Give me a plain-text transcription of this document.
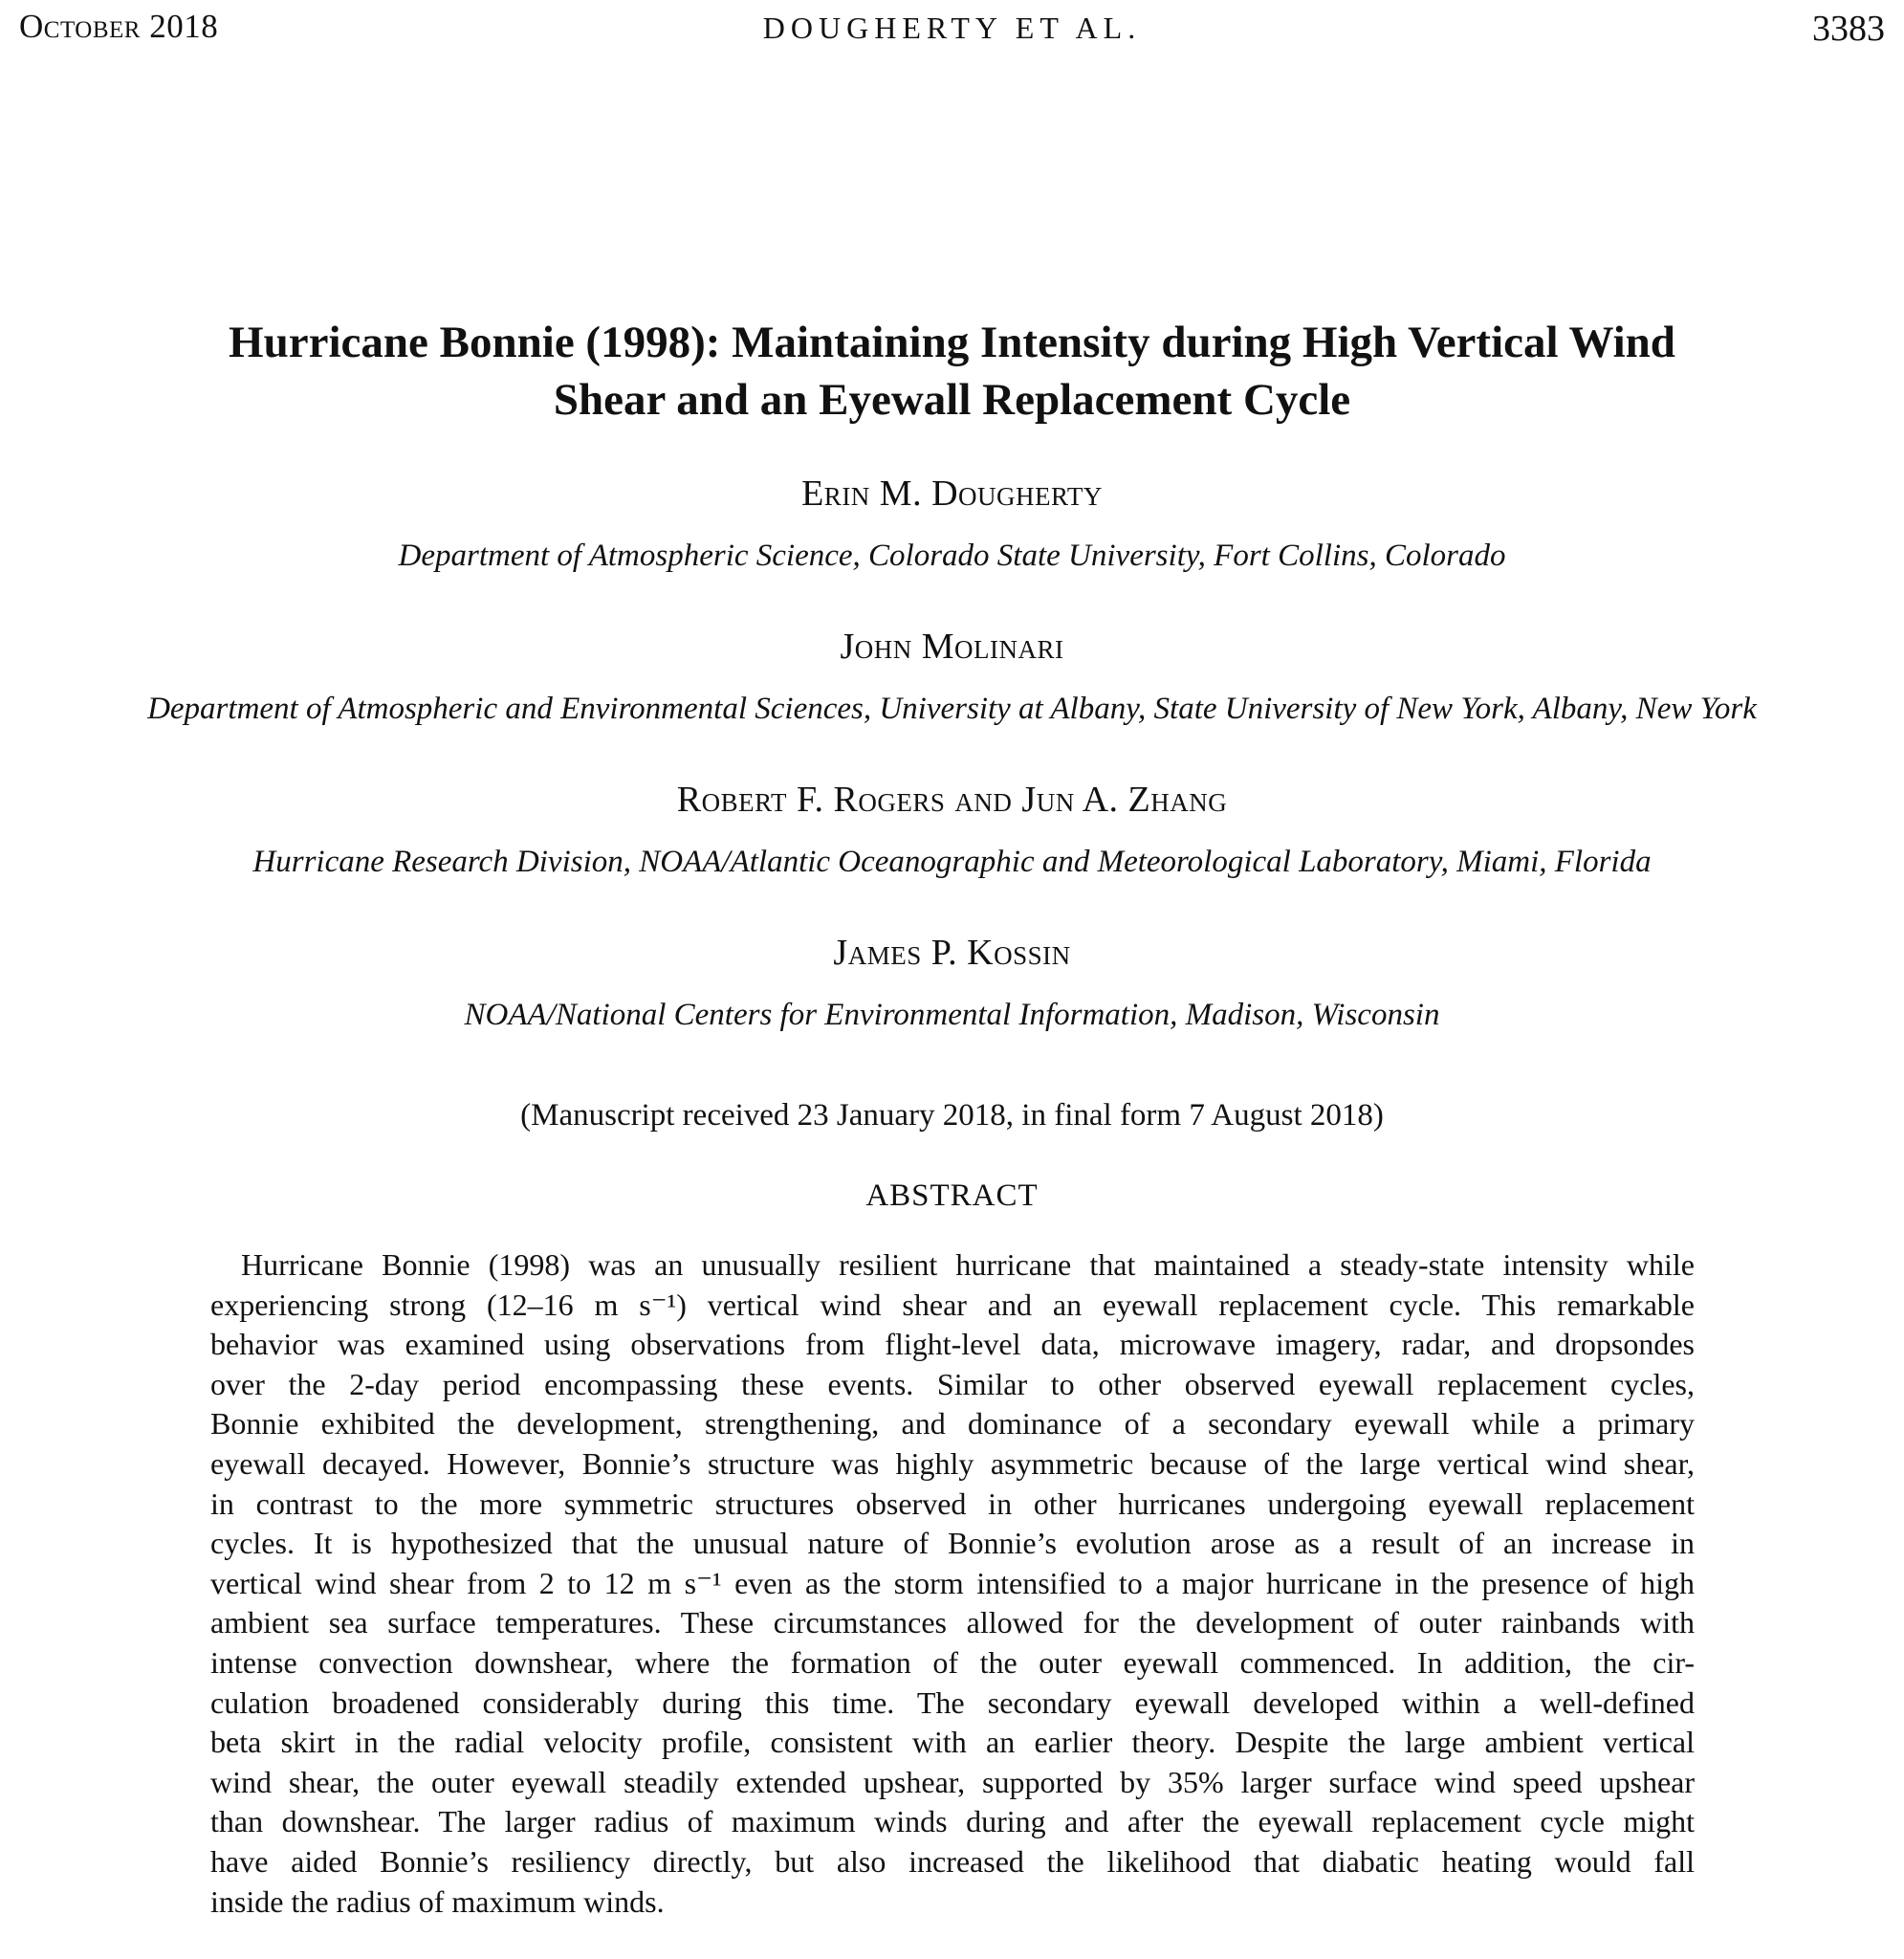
October 2018	DOUGHERTY ET AL.	3383
Hurricane Bonnie (1998): Maintaining Intensity during High Vertical Wind
Shear and an Eyewall Replacement Cycle
Erin M. Dougherty
Department of Atmospheric Science, Colorado State University, Fort Collins, Colorado
John Molinari
Department of Atmospheric and Environmental Sciences, University at Albany, State University of New York, Albany, New York
Robert F. Rogers and Jun A. Zhang
Hurricane Research Division, NOAA/Atlantic Oceanographic and Meteorological Laboratory, Miami, Florida
James P. Kossin
NOAA/National Centers for Environmental Information, Madison, Wisconsin
(Manuscript received 23 January 2018, in final form 7 August 2018)
ABSTRACT
Hurricane Bonnie (1998) was an unusually resilient hurricane that maintained a steady-state intensity while
experiencing strong (12–16 m s⁻¹) vertical wind shear and an eyewall replacement cycle. This remarkable
behavior was examined using observations from flight-level data, microwave imagery, radar, and dropsondes
over the 2-day period encompassing these events. Similar to other observed eyewall replacement cycles,
Bonnie exhibited the development, strengthening, and dominance of a secondary eyewall while a primary
eyewall decayed. However, Bonnie’s structure was highly asymmetric because of the large vertical wind shear,
in contrast to the more symmetric structures observed in other hurricanes undergoing eyewall replacement
cycles. It is hypothesized that the unusual nature of Bonnie’s evolution arose as a result of an increase in
vertical wind shear from 2 to 12 m s⁻¹ even as the storm intensified to a major hurricane in the presence of high
ambient sea surface temperatures. These circumstances allowed for the development of outer rainbands with
intense convection downshear, where the formation of the outer eyewall commenced. In addition, the cir-
culation broadened considerably during this time. The secondary eyewall developed within a well-defined
beta skirt in the radial velocity profile, consistent with an earlier theory. Despite the large ambient vertical
wind shear, the outer eyewall steadily extended upshear, supported by 35% larger surface wind speed upshear
than downshear. The larger radius of maximum winds during and after the eyewall replacement cycle might
have aided Bonnie’s resiliency directly, but also increased the likelihood that diabatic heating would fall
inside the radius of maximum winds.
